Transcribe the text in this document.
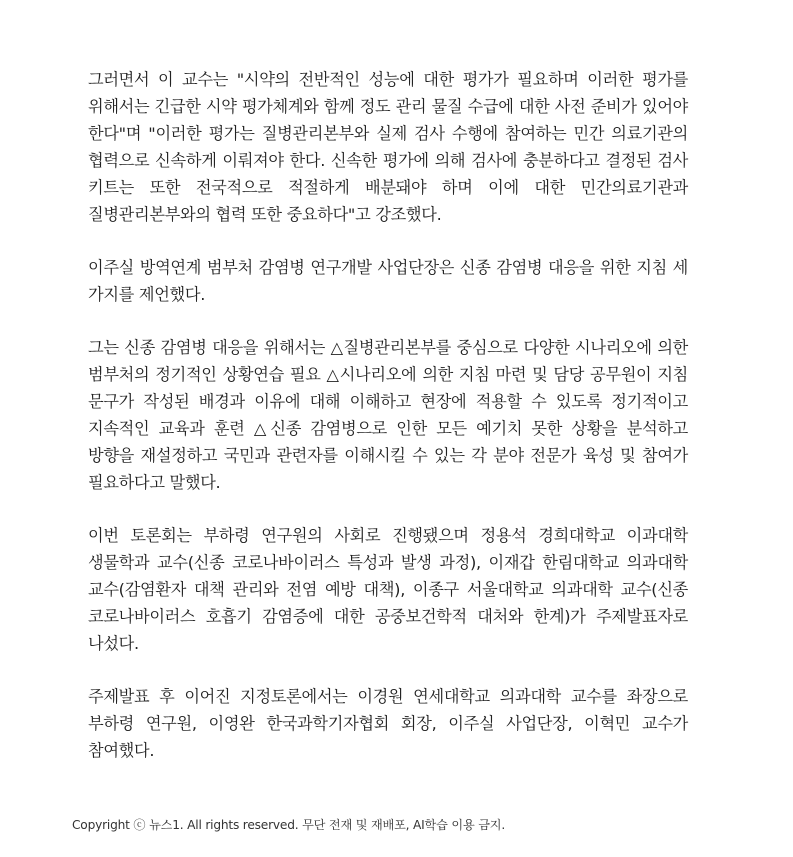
그러면서 이 교수는 "시약의 전반적인 성능에 대한 평가가 필요하며 이러한 평가를 위해서는 긴급한 시약 평가체계와 함께 정도 관리 물질 수급에 대한 사전 준비가 있어야 한다"며 "이러한 평가는 질병관리본부와 실제 검사 수행에 참여하는 민간 의료기관의 협력으로 신속하게 이뤄져야 한다. 신속한 평가에 의해 검사에 충분하다고 결정된 검사 키트는 또한 전국적으로 적절하게 배분돼야 하며 이에 대한 민간의료기관과 질병관리본부와의 협력 또한 중요하다"고 강조했다.

이주실 방역연계 범부처 감염병 연구개발 사업단장은 신종 감염병 대응을 위한 지침 세 가지를 제언했다.

그는 신종 감염병 대응을 위해서는 △질병관리본부를 중심으로 다양한 시나리오에 의한 범부처의 정기적인 상황연습 필요 △시나리오에 의한 지침 마련 및 담당 공무원이 지침 문구가 작성된 배경과 이유에 대해 이해하고 현장에 적용할 수 있도록 정기적이고 지속적인 교육과 훈련 △신종 감염병으로 인한 모든 예기치 못한 상황을 분석하고 방향을 재설정하고 국민과 관련자를 이해시킬 수 있는 각 분야 전문가 육성 및 참여가 필요하다고 말했다.

이번 토론회는 부하령 연구원의 사회로 진행됐으며 정용석 경희대학교 이과대학 생물학과 교수(신종 코로나바이러스 특성과 발생 과정), 이재갑 한림대학교 의과대학 교수(감염환자 대책 관리와 전염 예방 대책), 이종구 서울대학교 의과대학 교수(신종 코로나바이러스 호흡기 감염증에 대한 공중보건학적 대처와 한계)가 주제발표자로 나섰다.

주제발표 후 이어진 지정토론에서는 이경원 연세대학교 의과대학 교수를 좌장으로 부하령 연구원, 이영완 한국과학기자협회 회장, 이주실 사업단장, 이혁민 교수가 참여했다.

Copyright ⓒ 뉴스1. All rights reserved. 무단 전재 및 재배포, AI학습 이용 금지.
